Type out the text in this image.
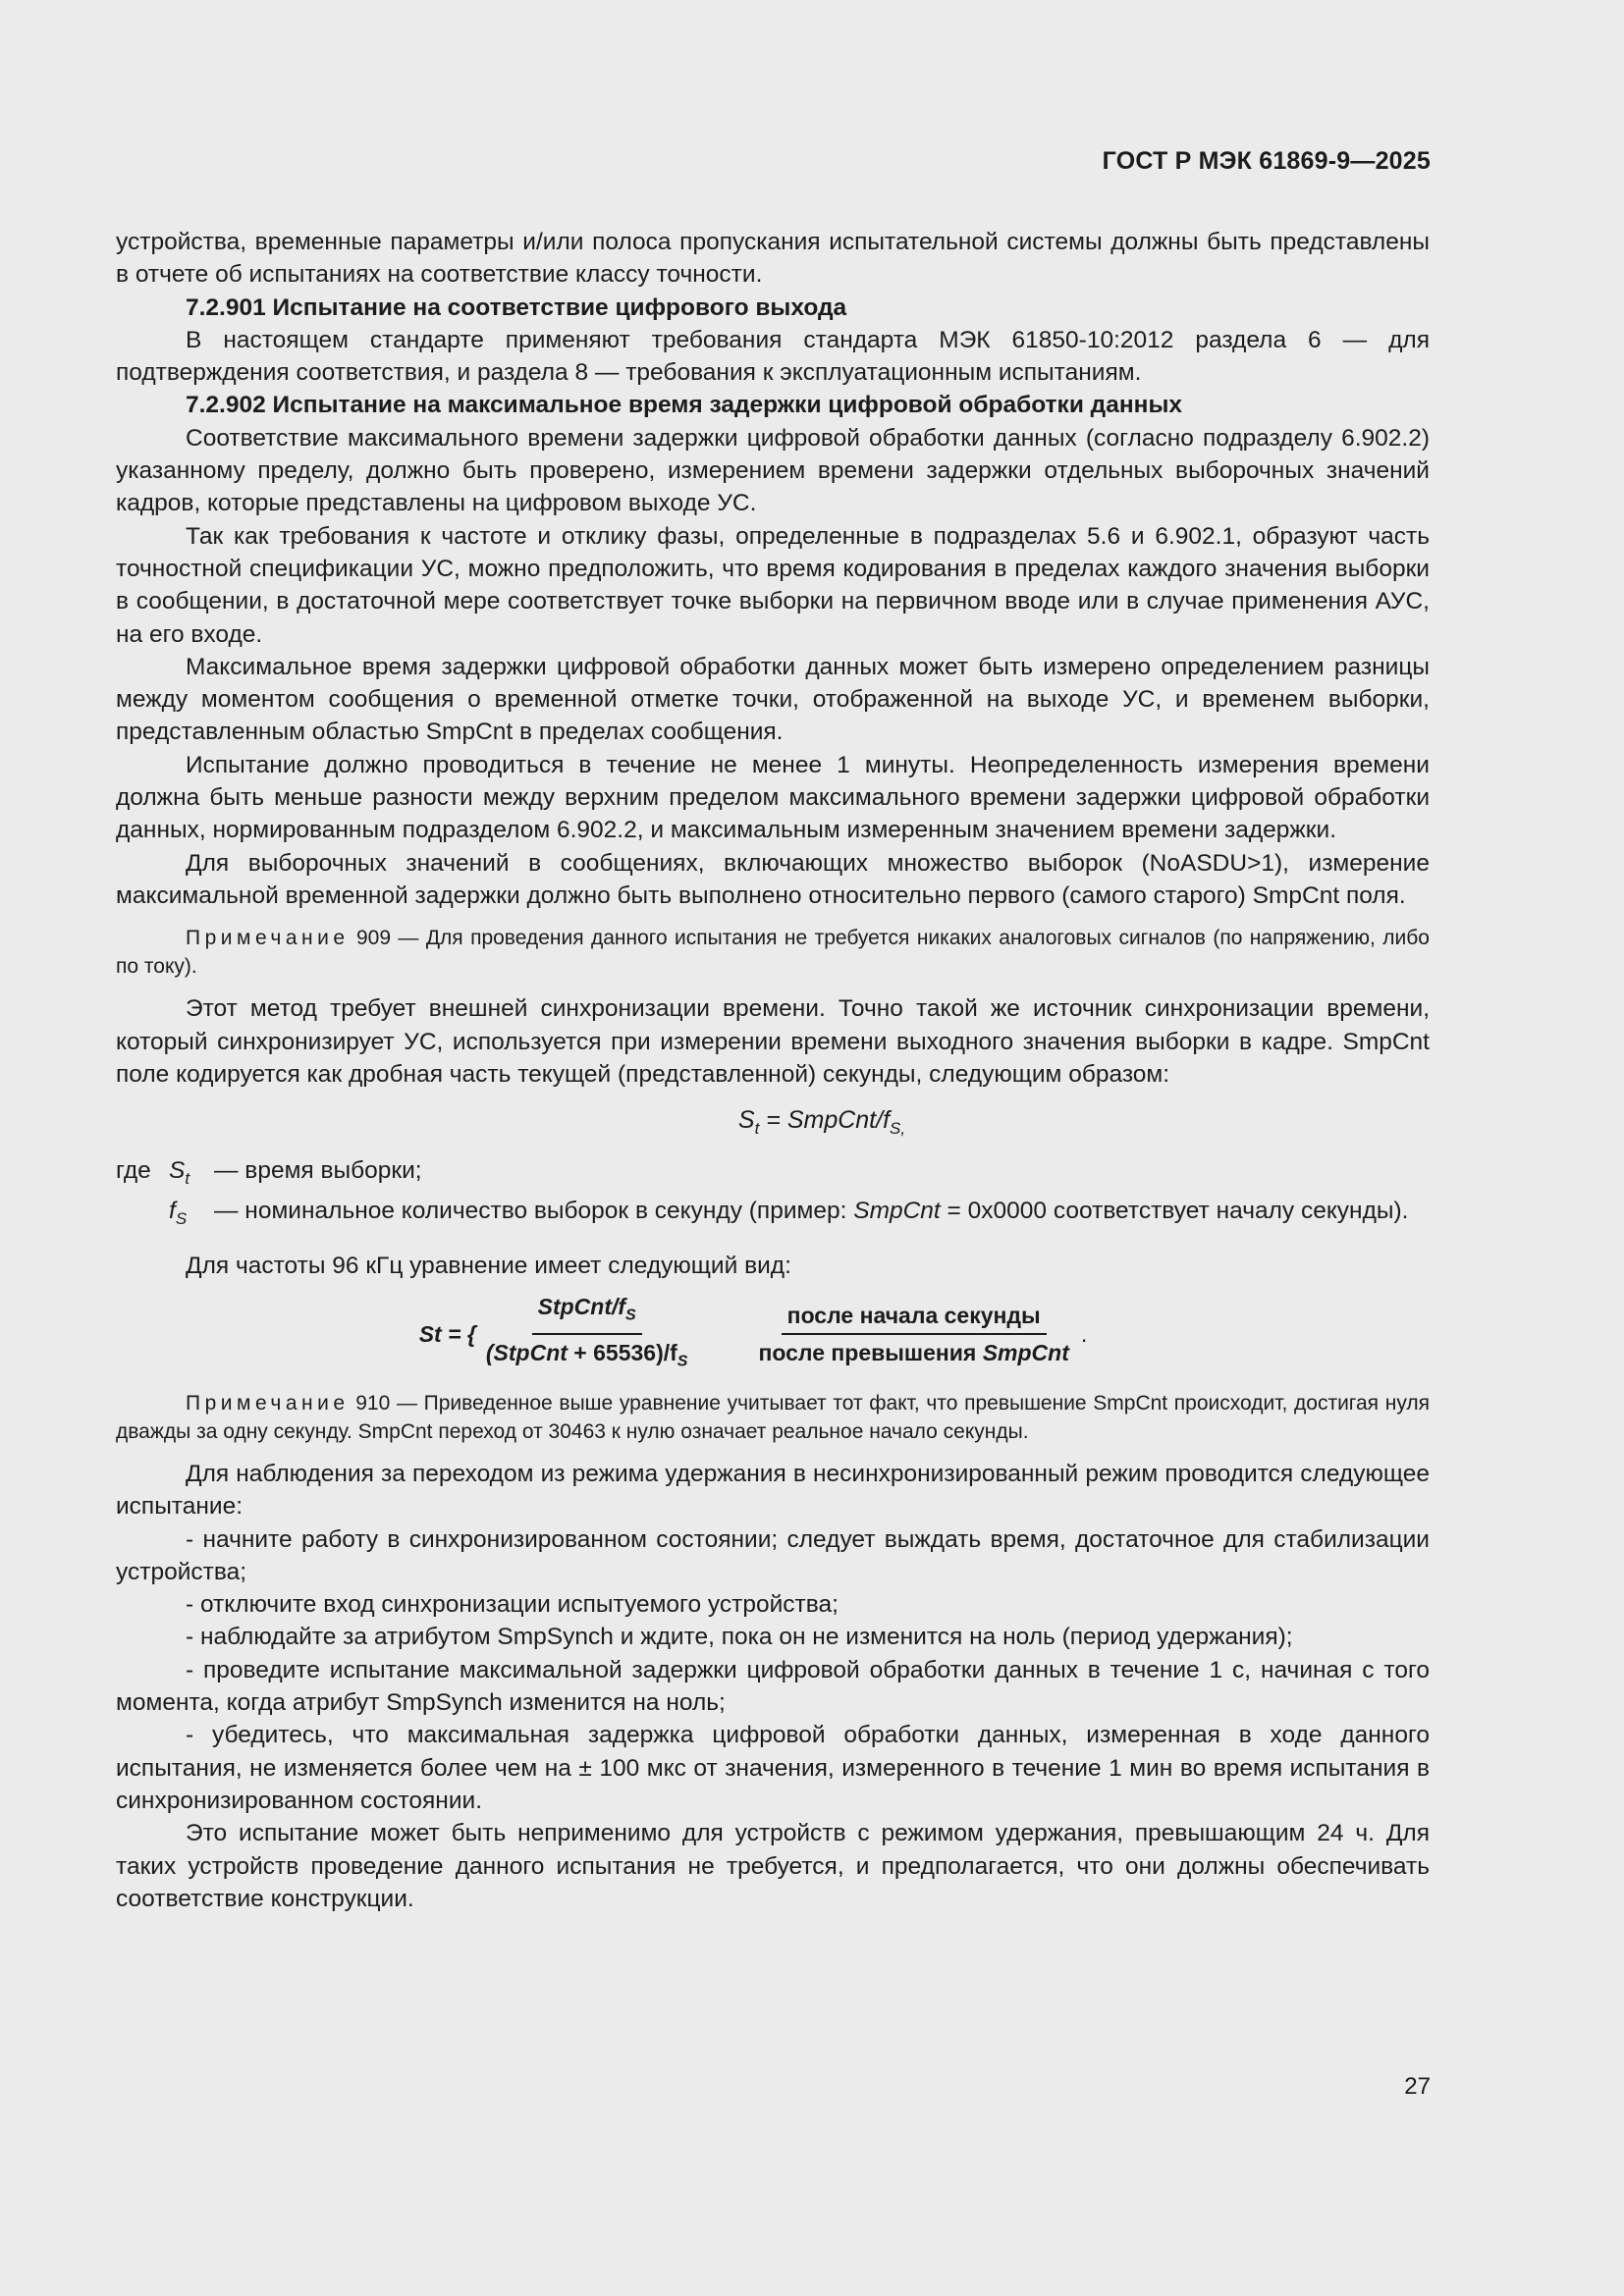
ГОСТ Р МЭК 61869-9—2025

устройства, временные параметры и/или полоса пропускания испытательной системы должны быть представлены в отчете об испытаниях на соответствие классу точности.

7.2.901 Испытание на соответствие цифрового выхода

В настоящем стандарте применяют требования стандарта МЭК 61850-10:2012 раздела 6 — для подтверждения соответствия, и раздела 8 — требования к эксплуатационным испытаниям.

7.2.902 Испытание на максимальное время задержки цифровой обработки данных

Соответствие максимального времени задержки цифровой обработки данных (согласно подразделу 6.902.2) указанному пределу, должно быть проверено, измерением времени задержки отдельных выборочных значений кадров, которые представлены на цифровом выходе УС.

Так как требования к частоте и отклику фазы, определенные в подразделах 5.6 и 6.902.1, образуют часть точностной спецификации УС, можно предположить, что время кодирования в пределах каждого значения выборки в сообщении, в достаточной мере соответствует точке выборки на первичном вводе или в случае применения АУС, на его входе.

Максимальное время задержки цифровой обработки данных может быть измерено определением разницы между моментом сообщения о временной отметке точки, отображенной на выходе УС, и временем выборки, представленным областью SmpCnt в пределах сообщения.

Испытание должно проводиться в течение не менее 1 минуты. Неопределенность измерения времени должна быть меньше разности между верхним пределом максимального времени задержки цифровой обработки данных, нормированным подразделом 6.902.2, и максимальным измеренным значением времени задержки.

Для выборочных значений в сообщениях, включающих множество выборок (NoASDU>1), измерение максимальной временной задержки должно быть выполнено относительно первого (самого старого) SmpCnt поля.

Примечание 909 — Для проведения данного испытания не требуется никаких аналоговых сигналов (по напряжению, либо по току).

Этот метод требует внешней синхронизации времени. Точно такой же источник синхронизации времени, который синхронизирует УС, используется при измерении времени выходного значения выборки в кадре. SmpCnt поле кодируется как дробная часть текущей (представленной) секунды, следующим образом:

$S_t$ = SmpCnt/$f_{S,}$
где $S_t$	— время выборки;
$f_S$	— номинальное количество выборок в секунду (пример: SmpCnt = 0x0000 соответствует началу секунды).

Для частоты 96 кГц уравнение имеет следующий вид:

St = { $\frac{StpCnt/f_S}{(StpCnt + 65536)/f_S}$	$\frac{\text{после начала секунды}}{\text{после превышения SmpCnt}}$ .

Примечание 910 — Приведенное выше уравнение учитывает тот факт, что превышение SmpCnt происходит, достигая нуля дважды за одну секунду. SmpCnt переход от 30463 к нулю означает реальное начало секунды.

Для наблюдения за переходом из режима удержания в несинхронизированный режим проводится следующее испытание:

- начните работу в синхронизированном состоянии; следует выждать время, достаточное для стабилизации устройства;

- отключите вход синхронизации испытуемого устройства;

- наблюдайте за атрибутом SmpSynch и ждите, пока он не изменится на ноль (период удержания);

- проведите испытание максимальной задержки цифровой обработки данных в течение 1 с, начиная с того момента, когда атрибут SmpSynch изменится на ноль;

- убедитесь, что максимальная задержка цифровой обработки данных, измеренная в ходе данного испытания, не изменяется более чем на ± 100 мкс от значения, измеренного в течение 1 мин во время испытания в синхронизированном состоянии.

Это испытание может быть неприменимо для устройств с режимом удержания, превышающим 24 ч. Для таких устройств проведение данного испытания не требуется, и предполагается, что они должны обеспечивать соответствие конструкции.

27
